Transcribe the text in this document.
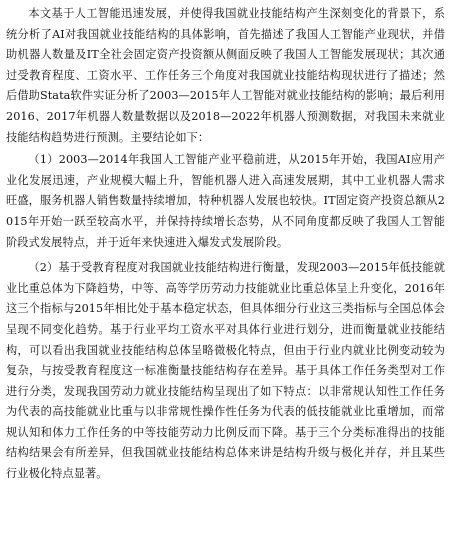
本文基于人工智能迅速发展，并使得我国就业技能结构产生深刻变化的背景下，系统分析了AI对我国就业技能结构的具体影响，首先描述了我国人工智能产业现状，并借助机器人数量及IT全社会固定资产投资额从侧面反映了我国人工智能发展现状；其次通过受教育程度、工资水平、工作任务三个角度对我国就业技能结构现状进行了描述；然后借助Stata软件实证分析了2003—2015年人工智能对就业技能结构的影响；最后利用2016、2017年机器人数量数据以及2018—2022年机器人预测数据，对我国未来就业技能结构趋势进行预测。主要结论如下：

（1）2003—2014年我国人工智能产业平稳前进，从2015年开始，我国AI应用产业化发展迅速，产业规模大幅上升，智能机器人进入高速发展期，其中工业机器人需求旺盛，服务机器人销售数量持续增加，特种机器人发展也较快。IT固定资产投资总额从2015年开始一跃至较高水平，并保持持续增长态势，从不同角度都反映了我国人工智能阶段式发展特点，并于近年来快速进入爆发式发展阶段。

（2）基于受教育程度对我国就业技能结构进行衡量，发现2003—2015年低技能就业比重总体为下降趋势，中等、高等学历劳动力技能就业比重总体呈上升变化，2016年这三个指标与2015年相比处于基本稳定状态，但具体细分行业这三类指标与全国总体会呈现不同变化趋势。基于行业平均工资水平对具体行业进行划分，进而衡量就业技能结构，可以看出我国就业技能结构总体呈略微极化特点，但由于行业内就业比例变动较为复杂，与按受教育程度这一标准衡量技能结构存在差异。基于具体工作任务类型对工作进行分类，发现我国劳动力就业技能结构呈现出了如下特点：以非常规认知性工作任务为代表的高技能就业比重与以非常规性操作性任务为代表的低技能就业比重增加，而常规认知和体力工作任务的中等技能劳动力比例反而下降。基于三个分类标准得出的技能结构结果会有所差异，但我国就业技能结构总体来讲是结构升级与极化并存，并且某些行业极化特点显著。
